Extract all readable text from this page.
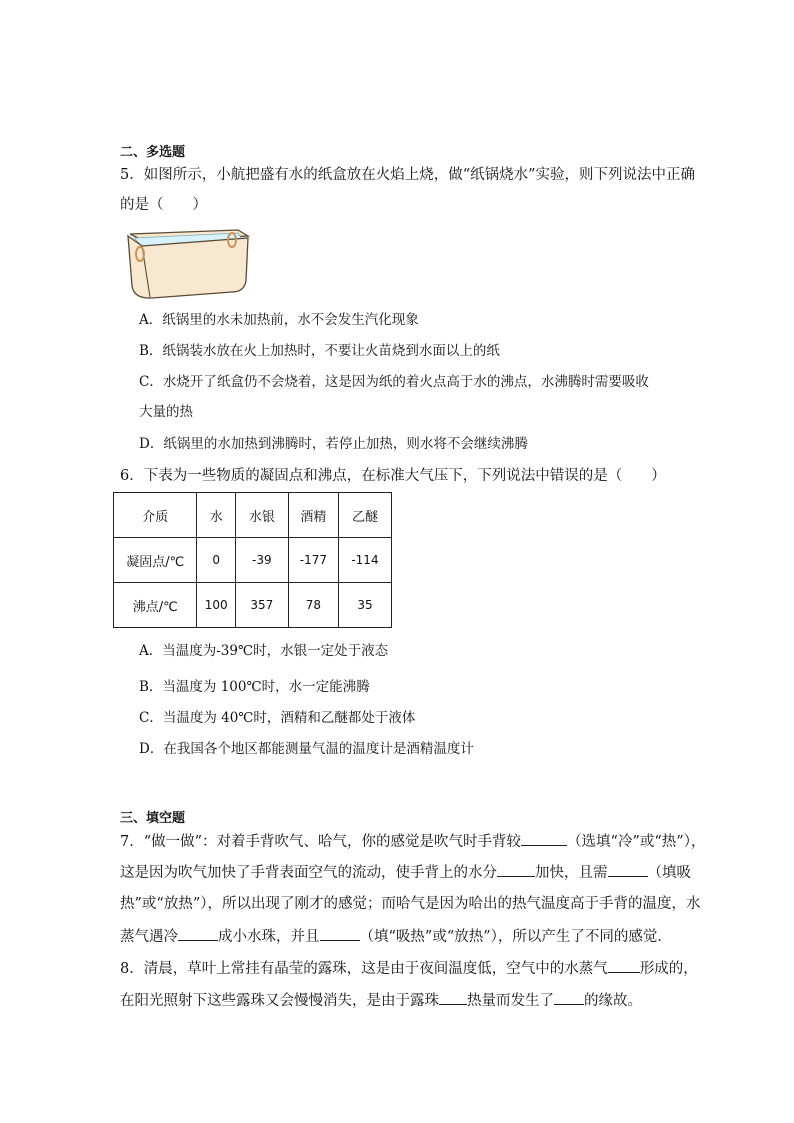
二、多选题
5．如图所示，小航把盛有水的纸盒放在火焰上烧，做“纸锅烧水”实验，则下列说法中正确
的是（　　）
A．纸锅里的水未加热前，水不会发生汽化现象
B．纸锅装水放在火上加热时，不要让火苗烧到水面以上的纸
C．水烧开了纸盒仍不会烧着，这是因为纸的着火点高于水的沸点，水沸腾时需要吸收
大量的热
D．纸锅里的水加热到沸腾时，若停止加热，则水将不会继续沸腾
6．下表为一些物质的凝固点和沸点，在标准大气压下，下列说法中错误的是（　　）
介质	水	水银	酒精	乙醚
凝固点/℃	0	-39	-177	-114
沸点/℃	100	357	78	35
A．当温度为-39℃时，水银一定处于液态
B．当温度为 100℃时，水一定能沸腾
C．当温度为 40℃时，酒精和乙醚都处于液体
D．在我国各个地区都能测量气温的温度计是酒精温度计
三、填空题
7．“做一做”：对着手背吹气、哈气，你的感觉是吹气时手背较	（选填“冷”或“热”），
这是因为吹气加快了手背表面空气的流动，使手背上的水分	加快，且需	（填吸
热”或“放热”），所以出现了刚才的感觉；而哈气是因为哈出的热气温度高于手背的温度，水
蒸气遇冷	成小水珠，并且	（填“吸热”或“放热”），所以产生了不同的感觉．
8．清晨，草叶上常挂有晶莹的露珠，这是由于夜间温度低，空气中的水蒸气 形成的，
在阳光照射下这些露珠又会慢慢消失，是由于露珠 热量而发生了 的缘故。
